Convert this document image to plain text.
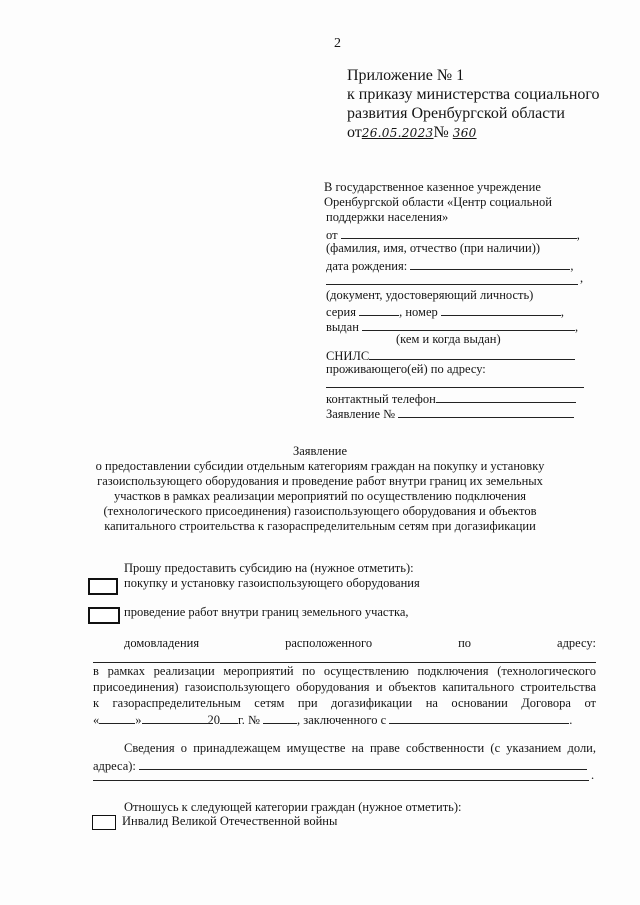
2
Приложение № 1
к приказу министерства социального
развития Оренбургской области
от26.05.2023№ 360
В государственное казенное учреждение
Оренбургской области «Центр социальной
поддержки населения»
от	,
(фамилия, имя, отчество (при наличии))
дата рождения:	,
,
(документ, удостоверяющий личность)
серия	, номер	,
выдан	,
(кем и когда выдан)
СНИЛС
проживающего(ей) по адресу:
контактный телефон
Заявление №
Заявление
о предоставлении субсидии отдельным категориям граждан на покупку и установку
газоиспользующего оборудования и проведение работ внутри границ их земельных
участков в рамках реализации мероприятий по осуществлению подключения
(технологического присоединения) газоиспользующего оборудования и объектов
капитального строительства к газораспределительным сетям при догазификации
Прошу предоставить субсидию на (нужное отметить):
покупку и установку газоиспользующего оборудования
проведение работ внутри границ земельного участка,
домовладения	расположенного	по	адресу:
в рамках реализации мероприятий по осуществлению подключения (технологического
присоединения) газоиспользующего оборудования и объектов капитального строительства
к газораспределительным сетям при догазификации на основании Договора от
«	»	20 г. №	, заключенного с	.
Сведения о принадлежащем имуществе на праве собственности (с указанием доли,
адреса):
.
Отношусь к следующей категории граждан (нужное отметить):
Инвалид Великой Отечественной войны
